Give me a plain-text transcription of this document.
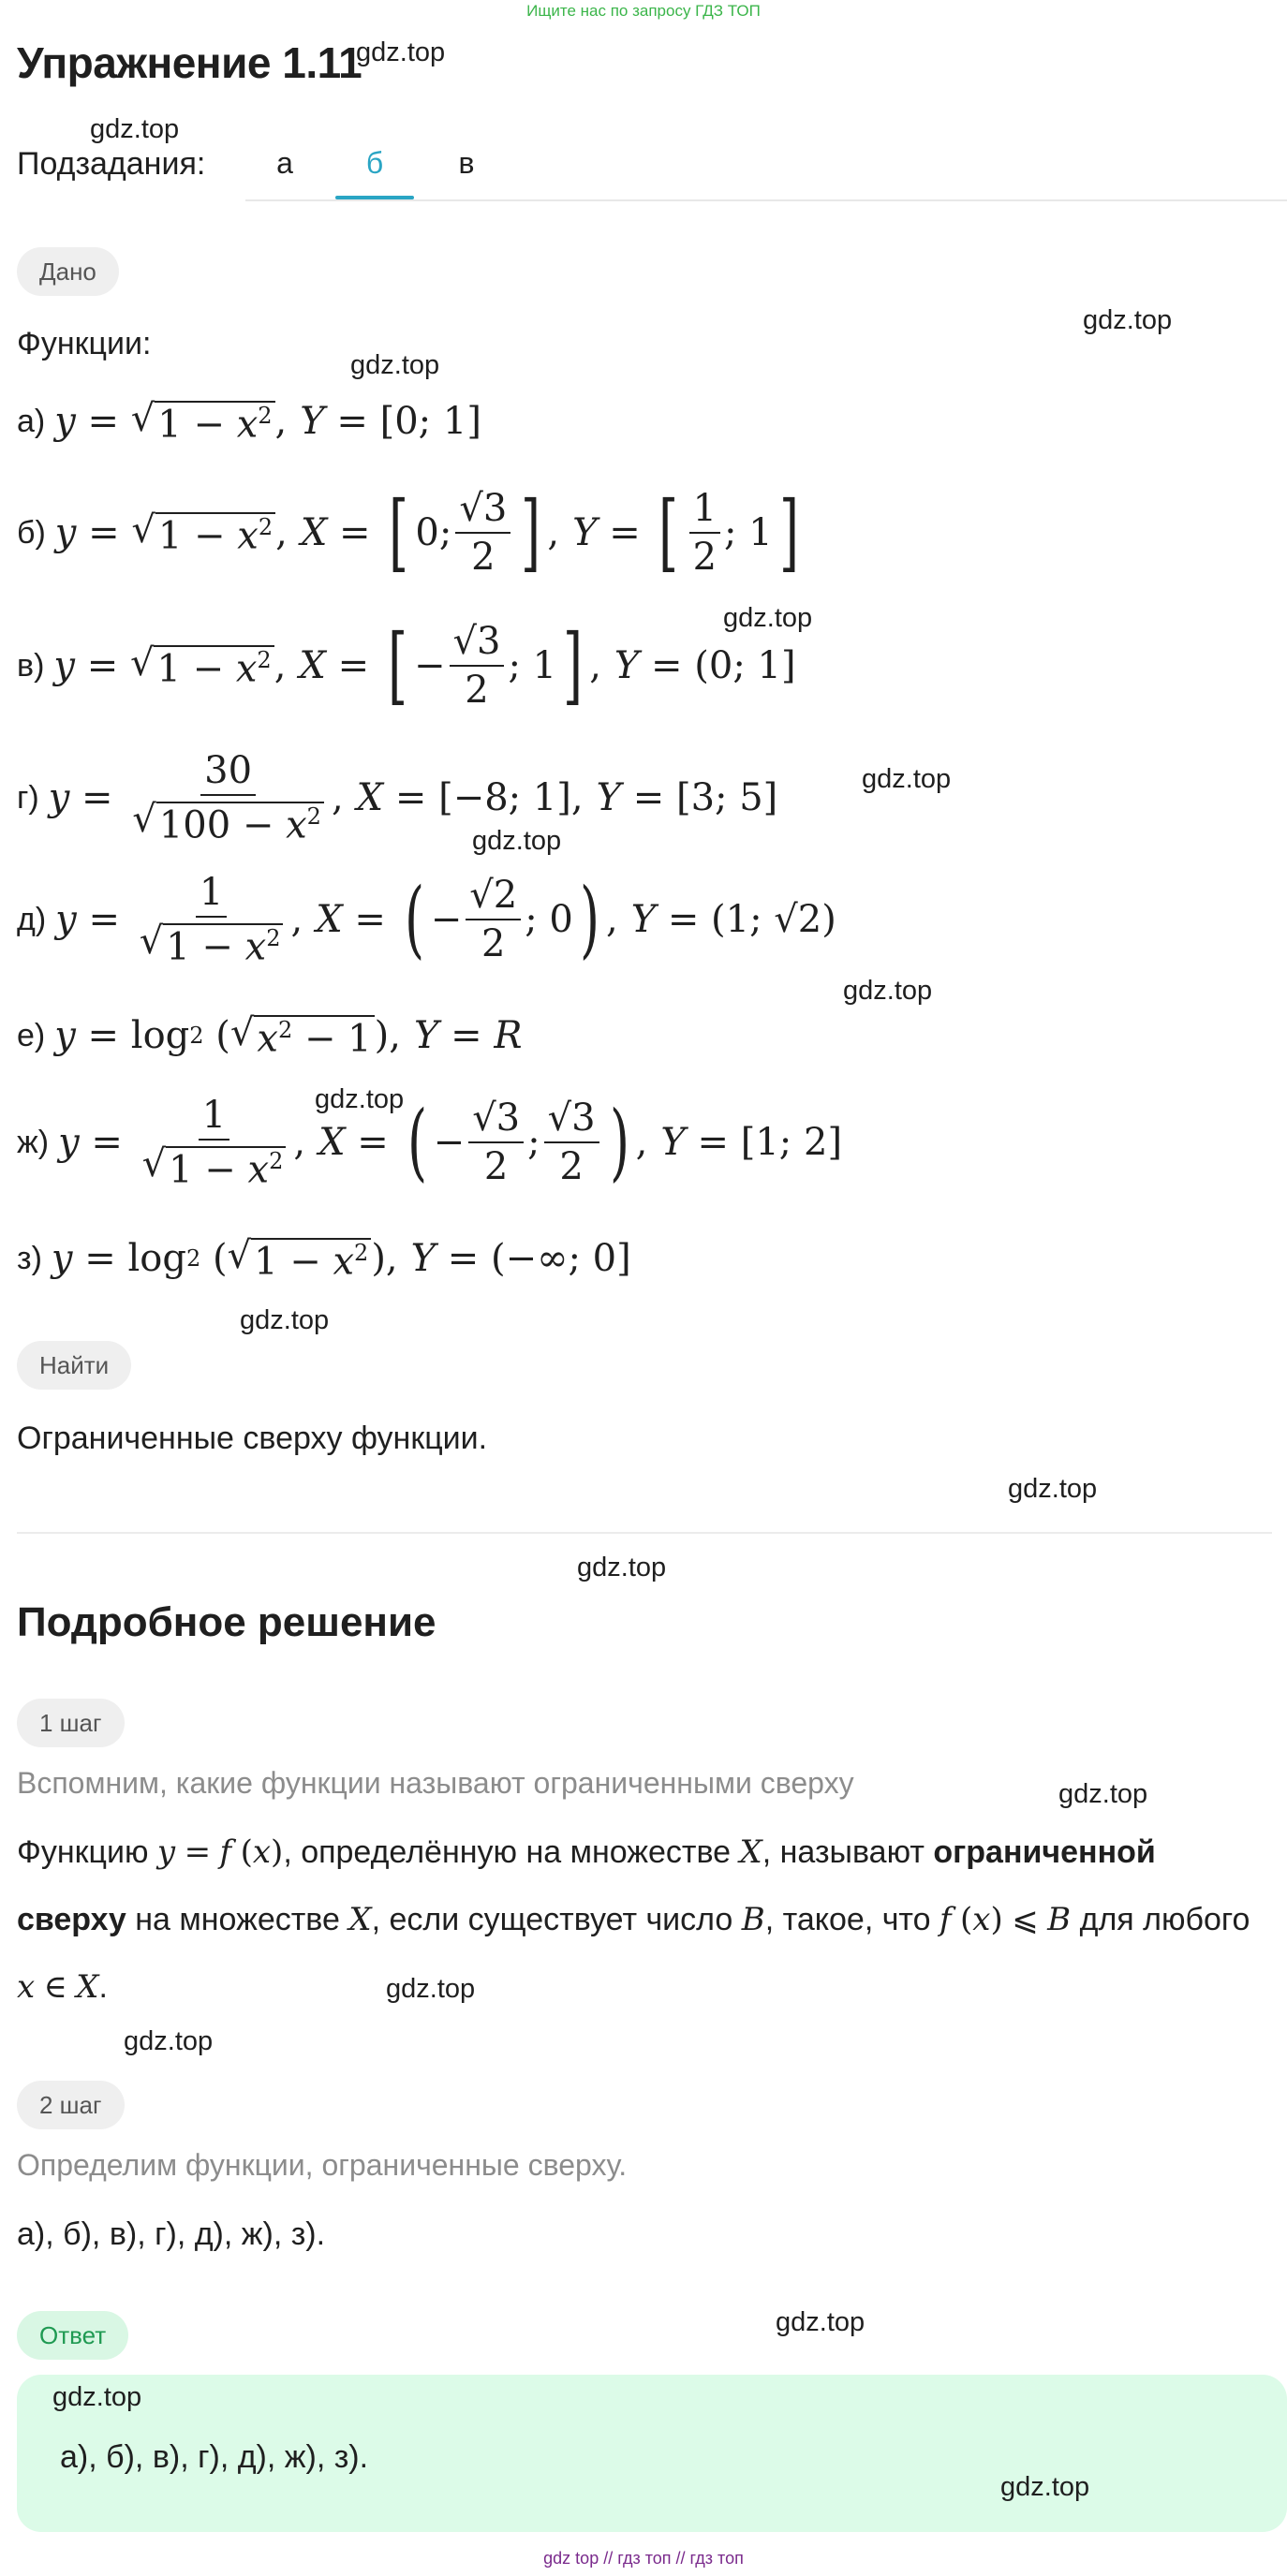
Ищите нас по запросу ГДЗ ТОП
Упражнение 1.11
Подзадания:	а	б	в
Дано
Функции:
а) y = √ $1 - x^2$ , Y = [0; 1]
б) y = √ $1 - x^2$ , X = [ 0; $\frac{√3}{2}$ ] , Y = [ $\frac{1}{2}$ ; 1 ]
в) y = √ $1 - x^2$ , X = [ − $\frac{√3}{2}$ ; 1 ] , Y = (0; 1]
г) $y = \frac{30}{√ 100 - x^2}$ , X = [−8; 1], Y = [3; 5]
д) $y = \frac{1}{√ 1 - x^2}$ , X = ( − $\frac{√2}{2}$ ; 0 ) , Y = (1; √2)
е) y = log 2 ( √ $x^2 - 1$ ), Y = R
ж) $y = \frac{1}{√ 1 - x^2}$ , X = ( − $\frac{√3}{2}$ ; $\frac{√3}{2}$ ) , Y = [1; 2]
з) y = log 2 ( √ $1 - x^2$ ), Y = (−∞; 0]
Найти
Ограниченные сверху функции.
Подробное решение
1 шаг
Вспомним, какие функции называют ограниченными сверху
Функцию y = f (x), определённую на множестве X, называют ограниченной сверху на множестве X, если существует число B, такое, что f (x) ⩽ B для любого x ∈ X.
2 шаг
Определим функции, ограниченные сверху.
а), б), в), г), д), ж), з).
Ответ
а), б), в), г), д), ж), з).
gdz.top
gdz.top
gdz.top
gdz.top
gdz.top
gdz.top
gdz.top
gdz.top
gdz.top
gdz.top
gdz.top
gdz.top
gdz.top
gdz.top
gdz.top
gdz.top
gdz.top
gdz.top
gdz top // гдз топ // гдз топ
